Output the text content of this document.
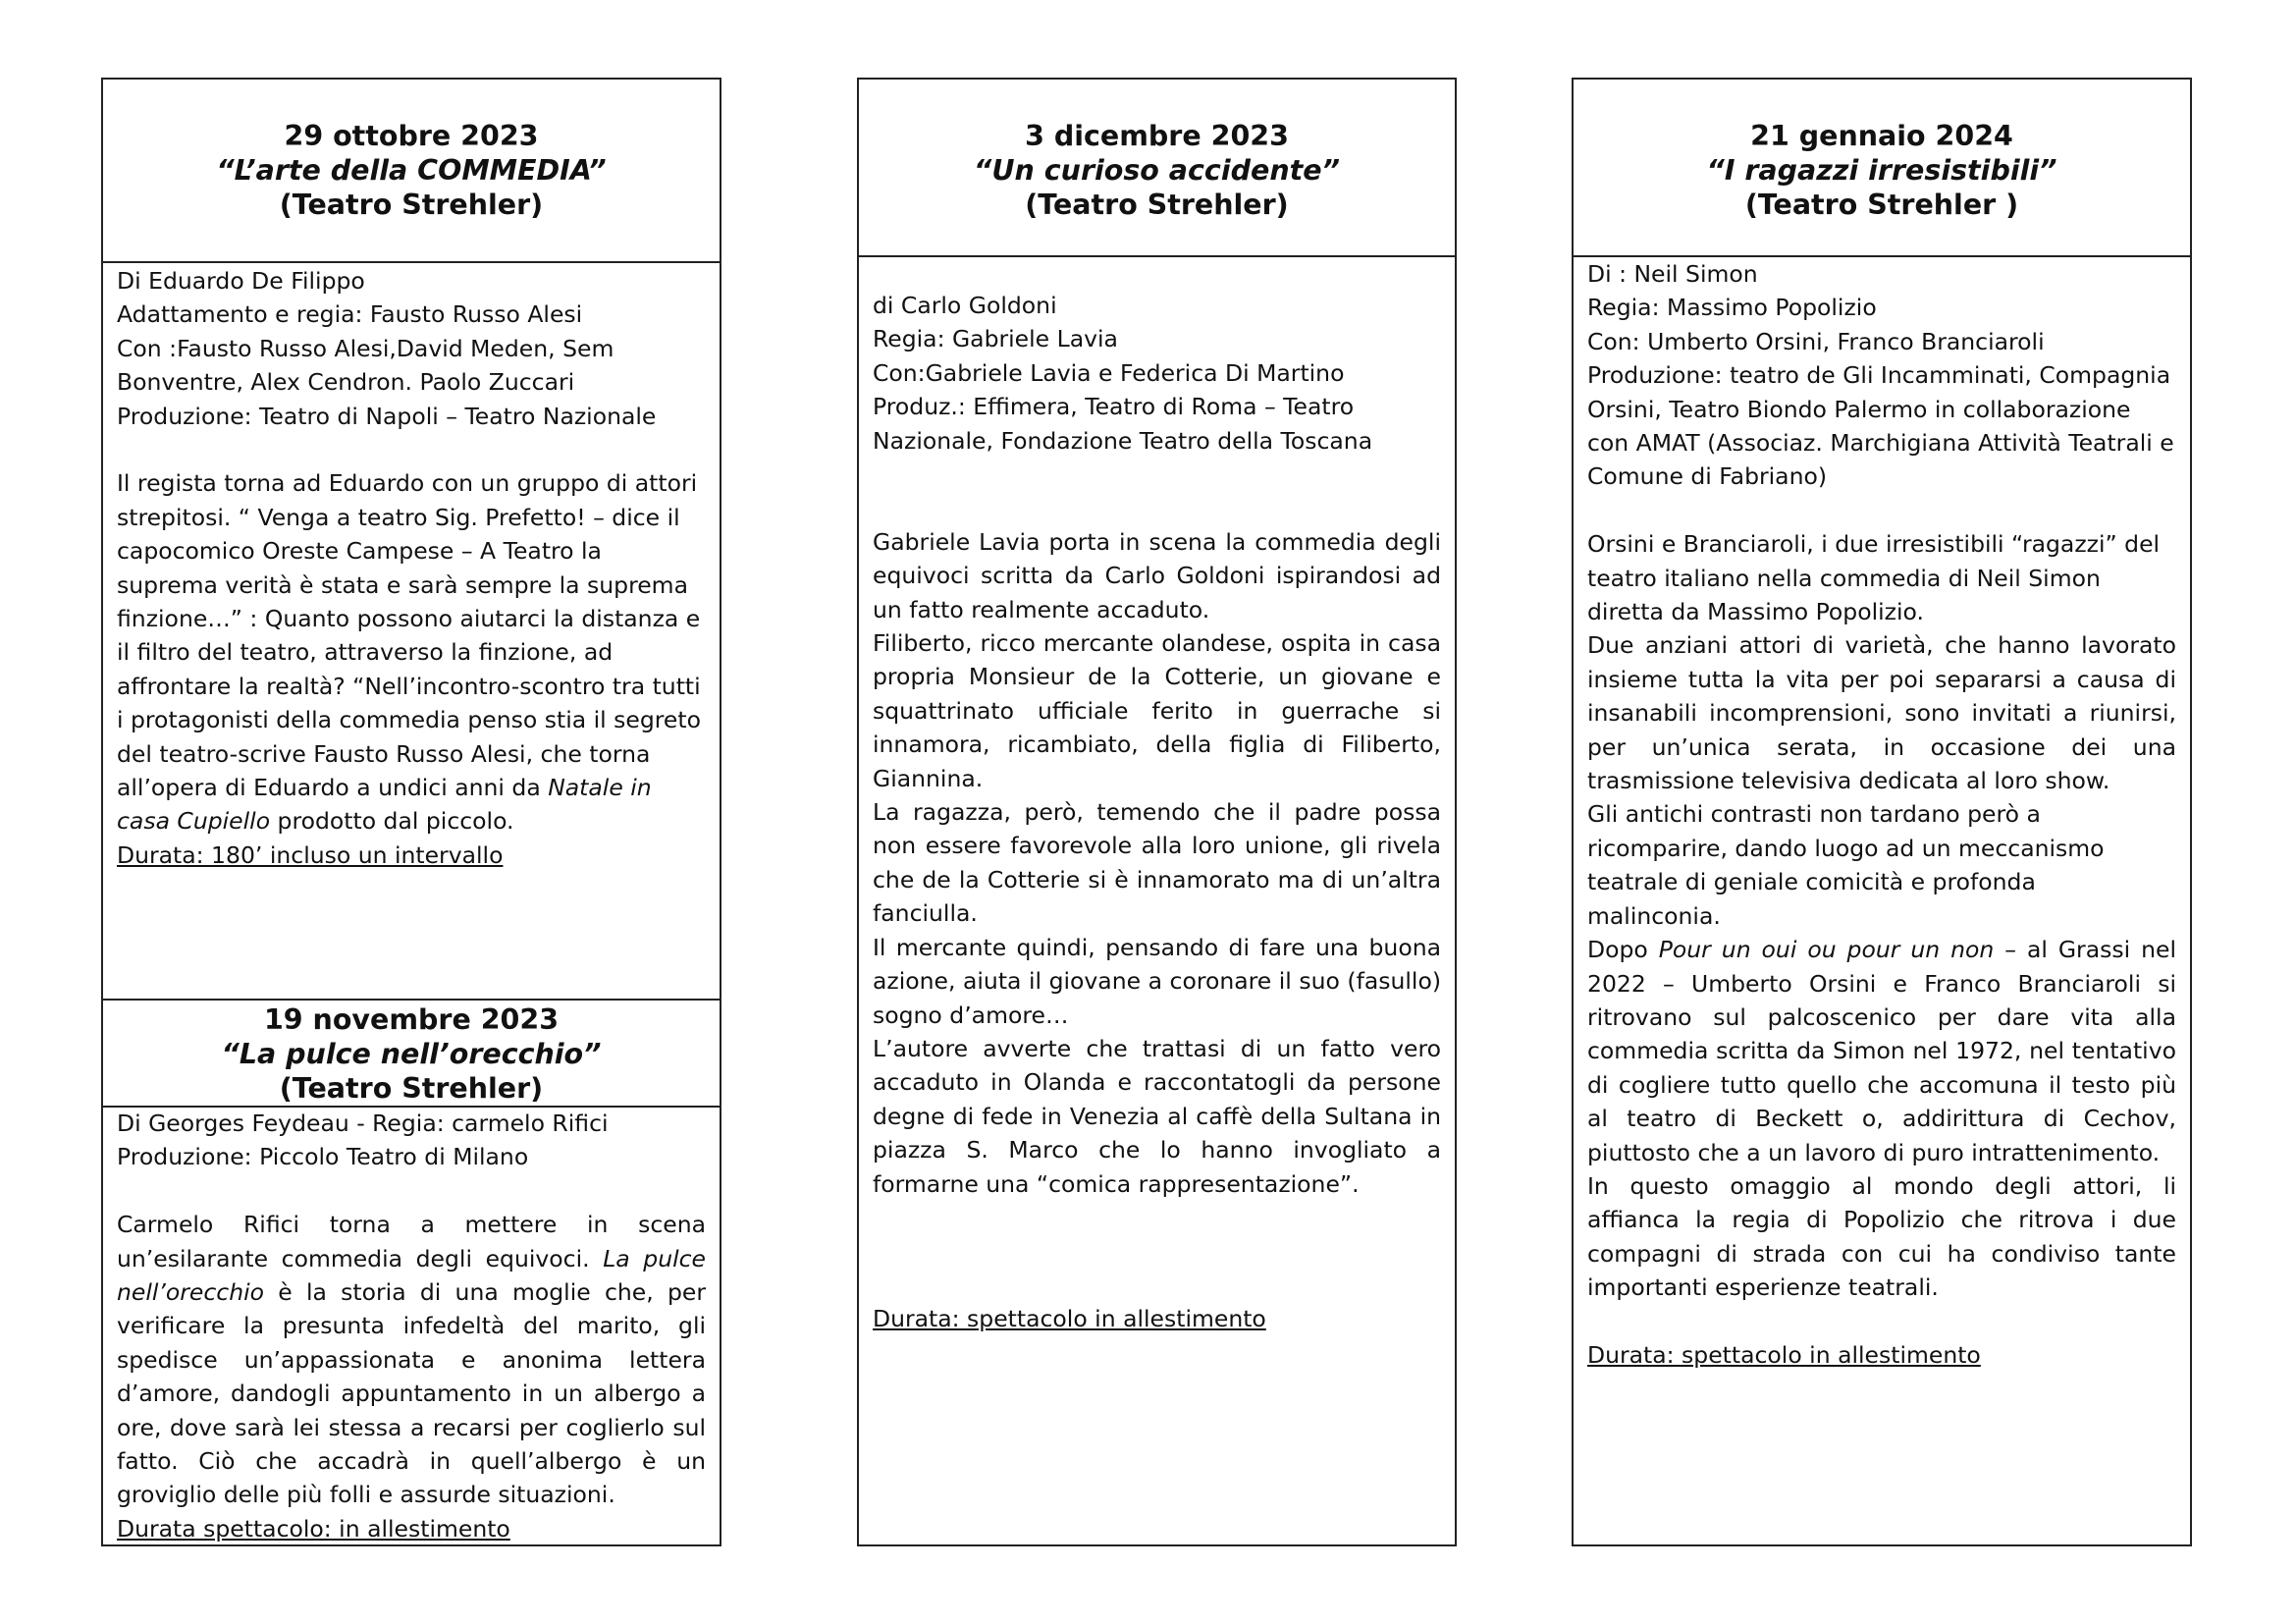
29 ottobre 2023
“L’arte della COMMEDIA”
(Teatro Strehler)
Di Eduardo De Filippo
Adattamento e regia: Fausto Russo Alesi
Con :Fausto Russo Alesi,David Meden, Sem Bonventre, Alex Cendron. Paolo Zuccari
Produzione: Teatro di Napoli – Teatro Nazionale

Il regista torna ad Eduardo con un gruppo di attori strepitosi. “ Venga a teatro Sig. Prefetto! – dice il capocomico Oreste Campese – A Teatro la suprema verità è stata e sarà sempre la suprema finzione…” : Quanto possono aiutarci la distanza e il filtro del teatro, attraverso la finzione, ad affrontare la realtà? “Nell’incontro-scontro tra tutti i protagonisti della commedia penso stia il segreto del teatro-scrive Fausto Russo Alesi, che torna all’opera di Eduardo a undici anni da Natale in casa Cupiello prodotto dal piccolo.

Durata: 180’ incluso un intervallo

19 novembre 2023
“La pulce nell’orecchio”
(Teatro Strehler)
Di Georges Feydeau - Regia: carmelo Rifici
Produzione: Piccolo Teatro di Milano

Carmelo Rifici torna a mettere in scena un’esilarante commedia degli equivoci. La pulce nell’orecchio è la storia di una moglie che, per verificare la presunta infedeltà del marito, gli spedisce un’appassionata e anonima lettera d’amore, dandogli appuntamento in un albergo a ore, dove sarà lei stessa a recarsi per coglierlo sul fatto. Ciò che accadrà in quell’albergo è un groviglio delle più folli e assurde situazioni.

Durata spettacolo: in allestimento

3 dicembre 2023
“Un curioso accidente”
(Teatro Strehler)
di Carlo Goldoni
Regia: Gabriele Lavia
Con:Gabriele Lavia e Federica Di Martino
Produz.: Effimera, Teatro di Roma – Teatro Nazionale, Fondazione Teatro della Toscana

Gabriele Lavia porta in scena la commedia degli equivoci scritta da Carlo Goldoni ispirandosi ad un fatto realmente accaduto.

Filiberto, ricco mercante olandese, ospita in casa propria Monsieur de la Cotterie, un giovane e squattrinato ufficiale ferito in guerrache si innamora, ricambiato, della figlia di Filiberto, Giannina.

La ragazza, però, temendo che il padre possa non essere favorevole alla loro unione, gli rivela che de la Cotterie si è innamorato ma di un’altra fanciulla.

Il mercante quindi, pensando di fare una buona azione, aiuta il giovane a coronare il suo (fasullo) sogno d’amore…

L’autore avverte che trattasi di un fatto vero accaduto in Olanda e raccontatogli da persone degne di fede in Venezia al caffè della Sultana in piazza S. Marco che lo hanno invogliato a formarne una “comica rappresentazione”.

Durata: spettacolo in allestimento

21 gennaio 2024
“I ragazzi irresistibili”
(Teatro Strehler )
Di : Neil Simon
Regia: Massimo Popolizio
Con: Umberto Orsini, Franco Branciaroli
Produzione: teatro de Gli Incamminati, Compagnia Orsini, Teatro Biondo Palermo in collaborazione con AMAT (Associaz. Marchigiana Attività Teatrali e Comune di Fabriano)

Orsini e Branciaroli, i due irresistibili “ragazzi” del teatro italiano nella commedia di Neil Simon diretta da Massimo Popolizio.

Due anziani attori di varietà, che hanno lavorato insieme tutta la vita per poi separarsi a causa di insanabili incomprensioni, sono invitati a riunirsi, per un’unica serata, in occasione dei una trasmissione televisiva dedicata al loro show.

Gli antichi contrasti non tardano però a ricomparire, dando luogo ad un meccanismo teatrale di geniale comicità e profonda malinconia.

Dopo Pour un oui ou pour un non – al Grassi nel 2022 – Umberto Orsini e Franco Branciaroli si ritrovano sul palcoscenico per dare vita alla commedia scritta da Simon nel 1972, nel tentativo di cogliere tutto quello che accomuna il testo più al teatro di Beckett o, addirittura di Cechov, piuttosto che a un lavoro di puro intrattenimento.

In questo omaggio al mondo degli attori, li affianca la regia di Popolizio che ritrova i due compagni di strada con cui ha condiviso tante importanti esperienze teatrali.

Durata: spettacolo in allestimento
